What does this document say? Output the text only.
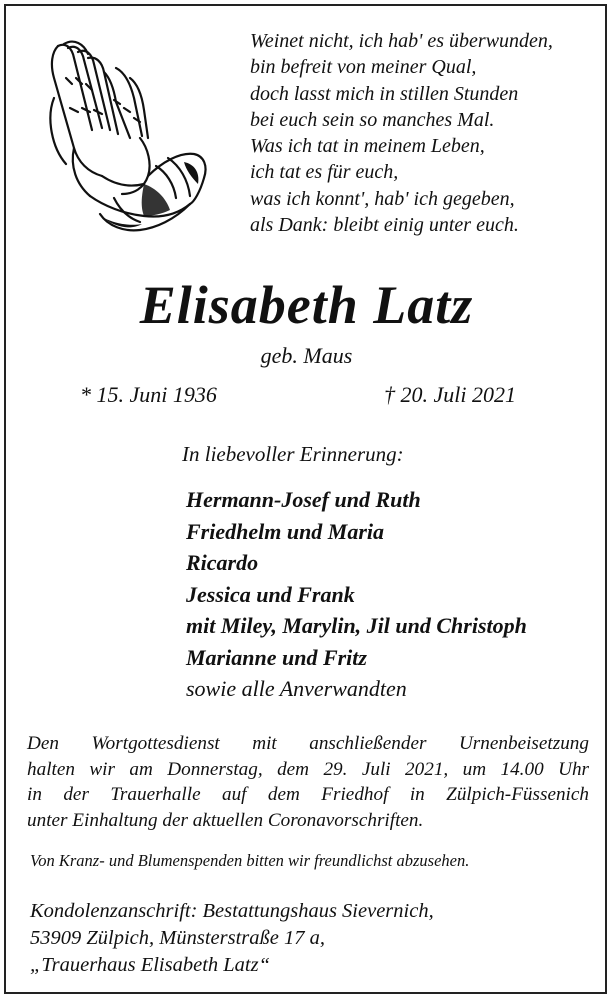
Weinet nicht, ich hab' es überwunden,
bin befreit von meiner Qual,
doch lasst mich in stillen Stunden
bei euch sein so manches Mal.
Was ich tat in meinem Leben,
ich tat es für euch,
was ich konnt', hab' ich gegeben,
als Dank: bleibt einig unter euch.
Elisabeth Latz
geb. Maus
* 15. Juni 1936	† 20. Juli 2021
In liebevoller Erinnerung:
Hermann-Josef und Ruth
Friedhelm und Maria
Ricardo
Jessica und Frank
mit Miley, Marylin, Jil und Christoph
Marianne und Fritz
sowie alle Anverwandten
Den Wortgottesdienst mit anschließender Urnenbeisetzung
halten wir am Donnerstag, dem 29. Juli 2021, um 14.00 Uhr
in der Trauerhalle auf dem Friedhof in Zülpich-Füssenich
unter Einhaltung der aktuellen Coronavorschriften.
Von Kranz- und Blumenspenden bitten wir freundlichst abzusehen.
Kondolenzanschrift: Bestattungshaus Sievernich,
53909 Zülpich, Münsterstraße 17 a,
„Trauerhaus Elisabeth Latz“
